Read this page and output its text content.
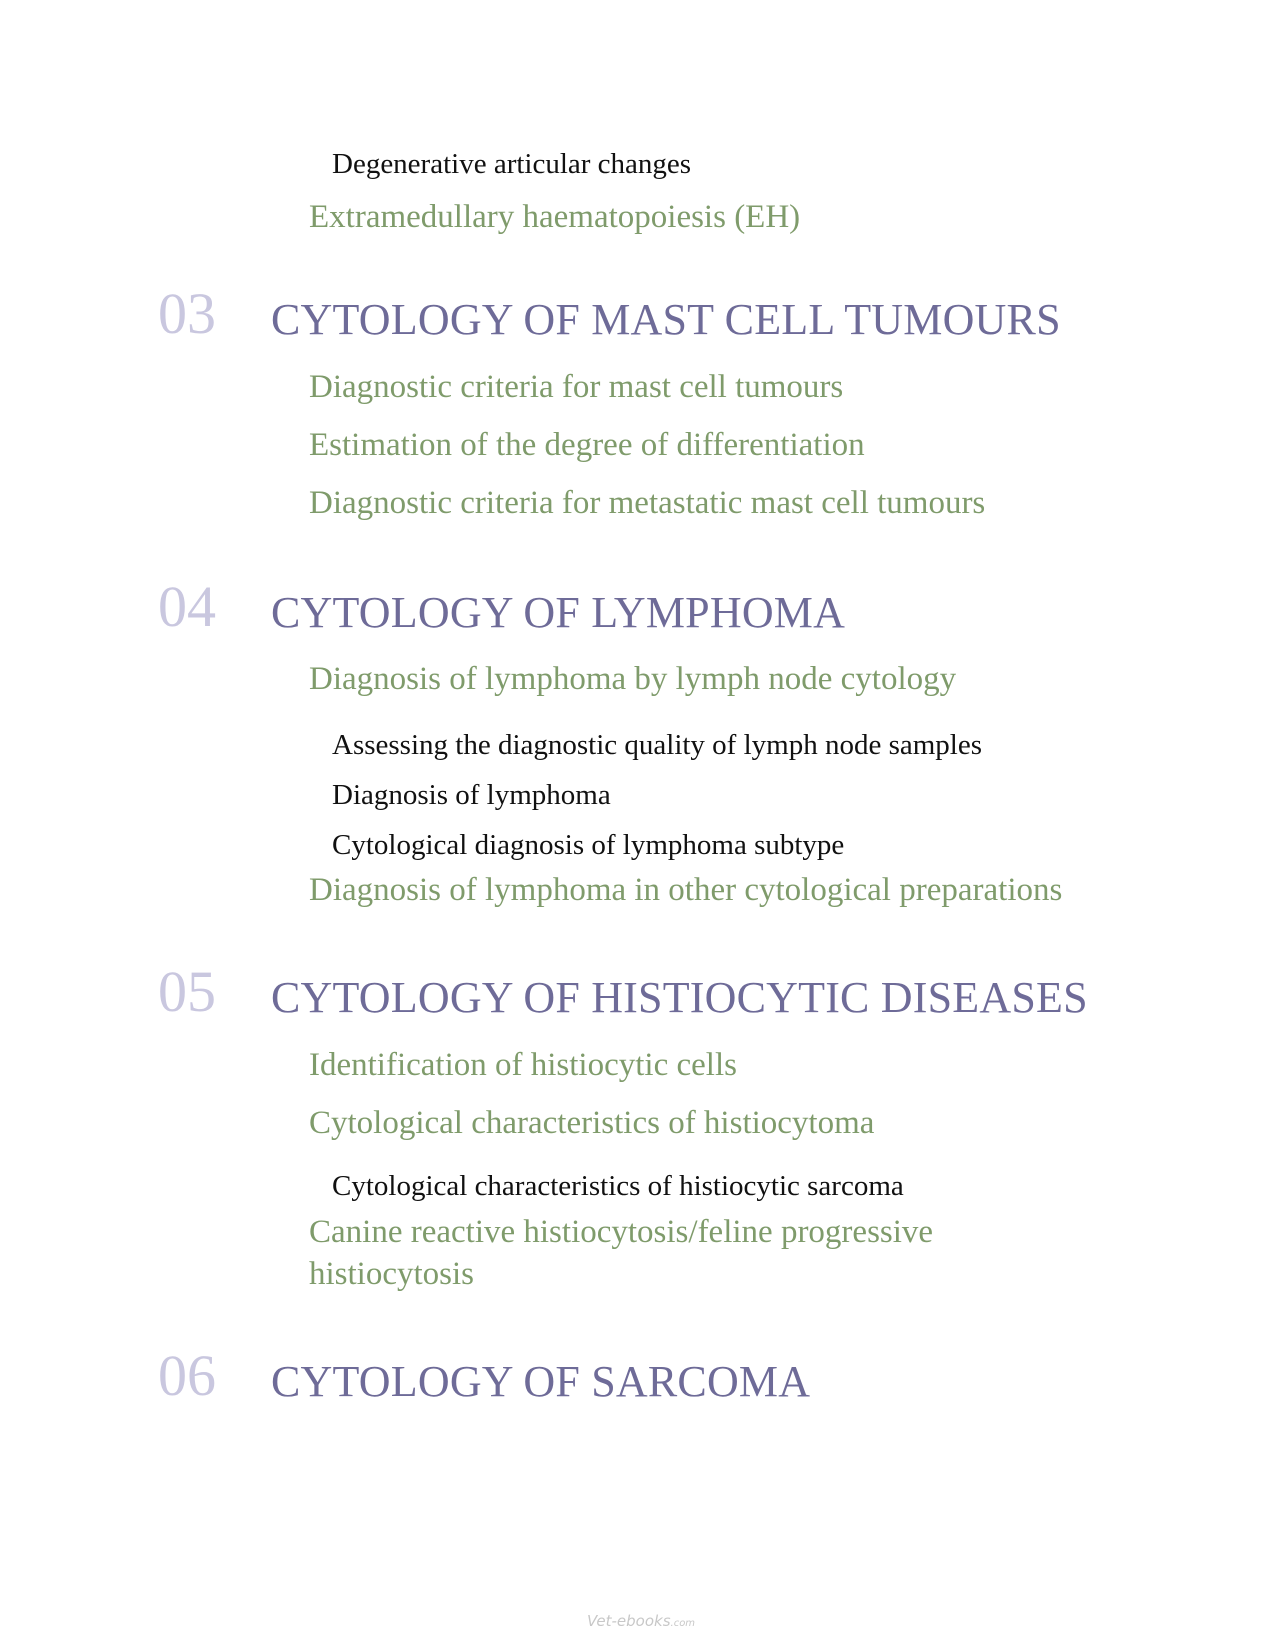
Degenerative articular changes
Extramedullary haematopoiesis (EH)
03 CYTOLOGY OF MAST CELL TUMOURS
Diagnostic criteria for mast cell tumours
Estimation of the degree of differentiation
Diagnostic criteria for metastatic mast cell tumours
04 CYTOLOGY OF LYMPHOMA
Diagnosis of lymphoma by lymph node cytology
Assessing the diagnostic quality of lymph node samples
Diagnosis of lymphoma
Cytological diagnosis of lymphoma subtype
Diagnosis of lymphoma in other cytological preparations
05 CYTOLOGY OF HISTIOCYTIC DISEASES
Identification of histiocytic cells
Cytological characteristics of histiocytoma
Cytological characteristics of histiocytic sarcoma
Canine reactive histiocytosis/feline progressive histiocytosis
06 CYTOLOGY OF SARCOMA
Vet-ebooks.com
